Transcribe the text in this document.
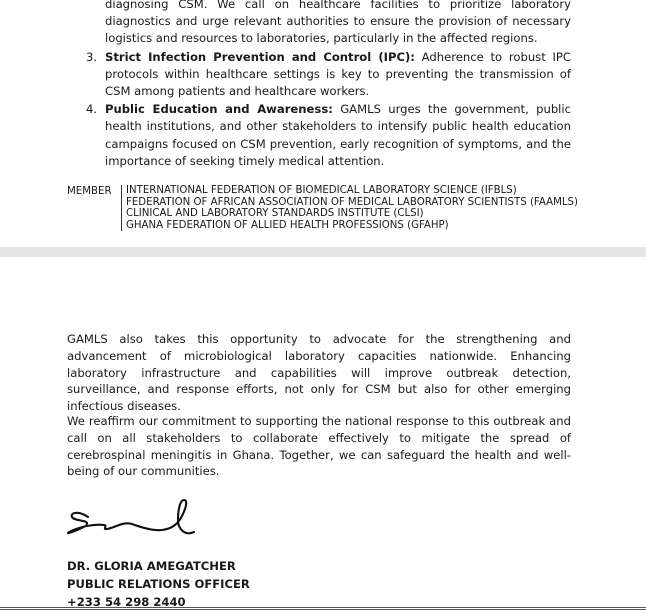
diagnosing CSM. We call on healthcare facilities to prioritize laboratory diagnostics and urge relevant authorities to ensure the provision of necessary logistics and resources to laboratories, particularly in the affected regions.
3. Strict Infection Prevention and Control (IPC): Adherence to robust IPC protocols within healthcare settings is key to preventing the transmission of CSM among patients and healthcare workers.
4. Public Education and Awareness: GAMLS urges the government, public health institutions, and other stakeholders to intensify public health education campaigns focused on CSM prevention, early recognition of symptoms, and the importance of seeking timely medical attention.
MEMBER	INTERNATIONAL FEDERATION OF BIOMEDICAL LABORATORY SCIENCE (IFBLS)
FEDERATION OF AFRICAN ASSOCIATION OF MEDICAL LABORATORY SCIENTISTS (FAAMLS)
CLINICAL AND LABORATORY STANDARDS INSTITUTE (CLSI)
GHANA FEDERATION OF ALLIED HEALTH PROFESSIONS (GFAHP)

GAMLS also takes this opportunity to advocate for the strengthening and advancement of microbiological laboratory capacities nationwide. Enhancing laboratory infrastructure and capabilities will improve outbreak detection, surveillance, and response efforts, not only for CSM but also for other emerging infectious diseases.

We reaffirm our commitment to supporting the national response to this outbreak and call on all stakeholders to collaborate effectively to mitigate the spread of cerebrospinal meningitis in Ghana. Together, we can safeguard the health and well-being of our communities.

DR. GLORIA AMEGATCHER
PUBLIC RELATIONS OFFICER
+233 54 298 2440
